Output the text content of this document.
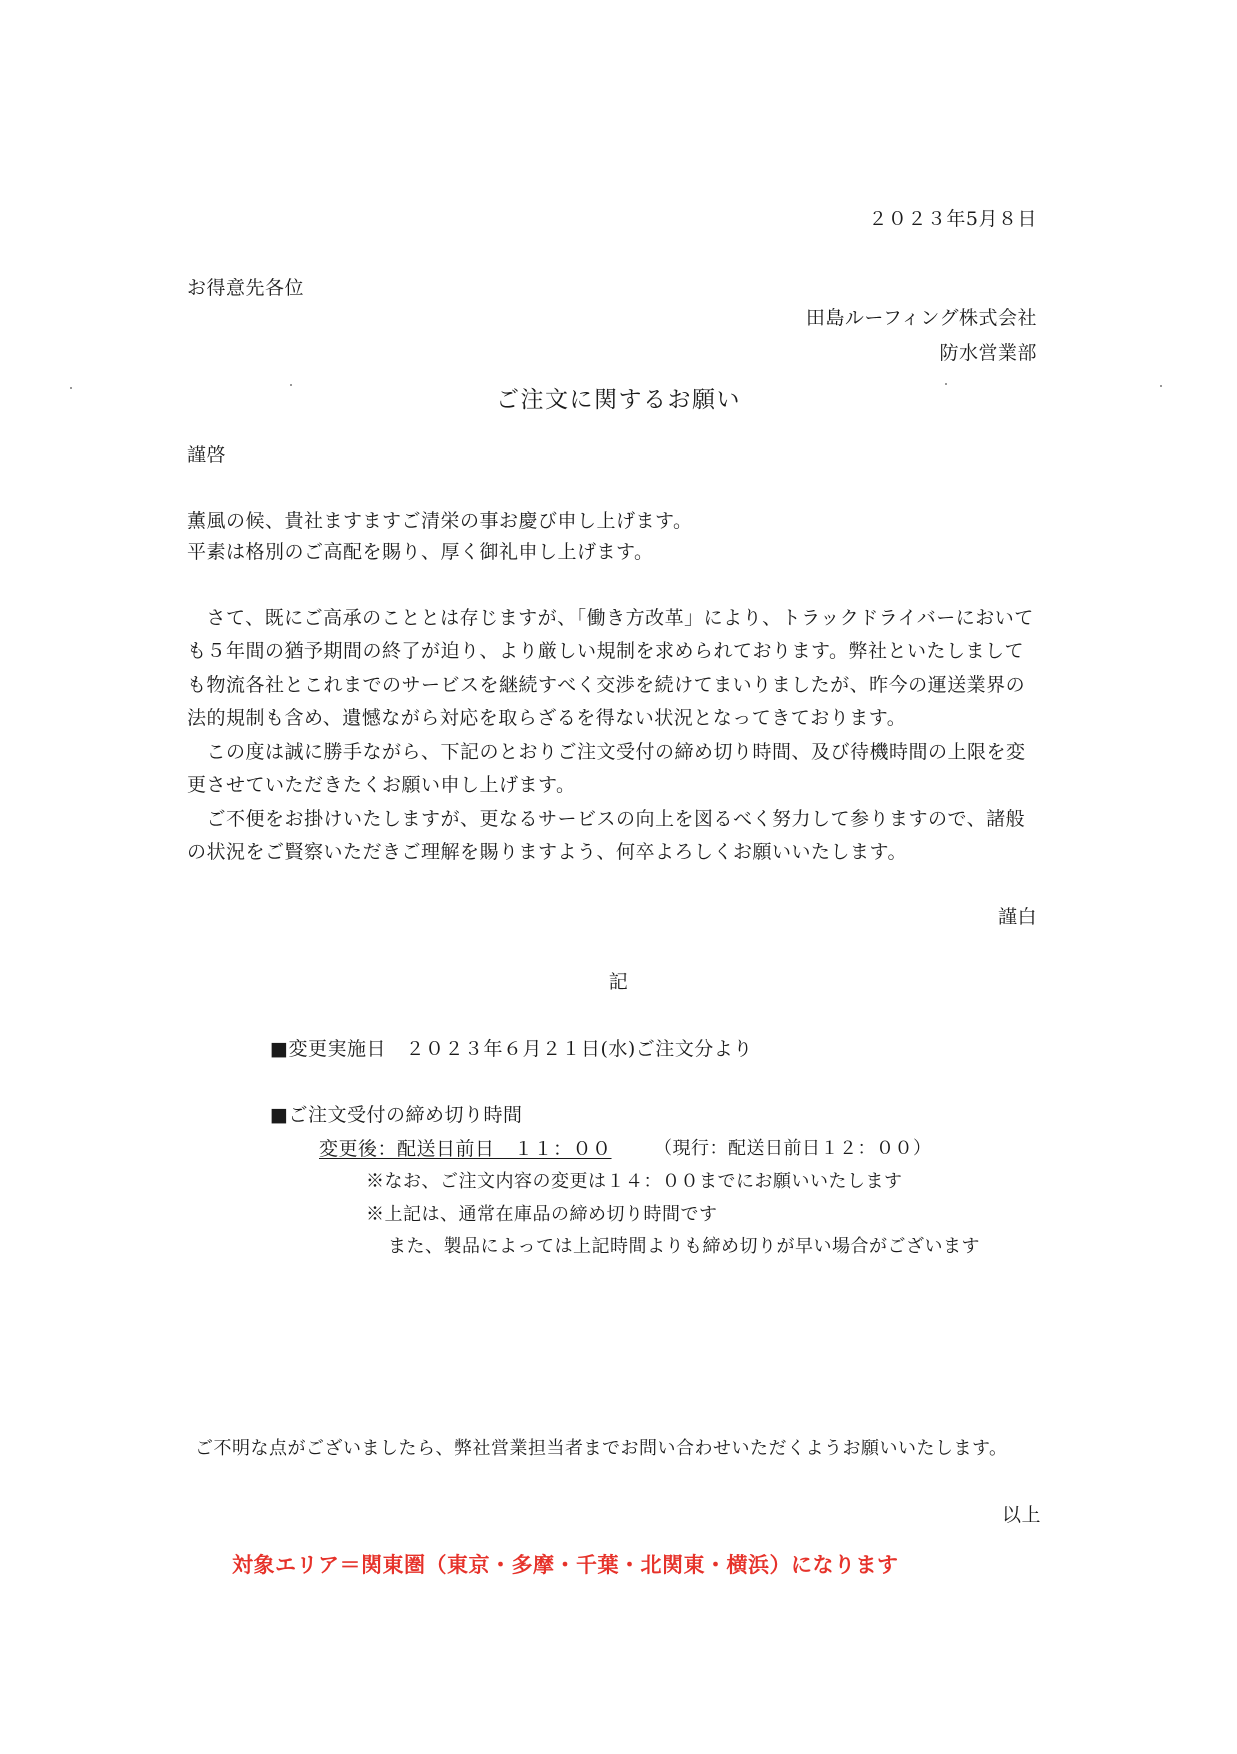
２０２３年5月８日
お得意先各位
田島ルーフィング株式会社
防水営業部
ご注文に関するお願い
謹啓
薫風の候、貴社ますますご清栄の事お慶び申し上げます。
平素は格別のご高配を賜り、厚く御礼申し上げます。
　さて、既にご高承のこととは存じますが、「働き方改革」により、トラックドライバーにおいて
も５年間の猶予期間の終了が迫り、より厳しい規制を求められております。弊社といたしまして
も物流各社とこれまでのサービスを継続すべく交渉を続けてまいりましたが、昨今の運送業界の
法的規制も含め、遺憾ながら対応を取らざるを得ない状況となってきております。
　この度は誠に勝手ながら、下記のとおりご注文受付の締め切り時間、及び待機時間の上限を変
更させていただきたくお願い申し上げます。
　ご不便をお掛けいたしますが、更なるサービスの向上を図るべく努力して参りますので、諸般
の状況をご賢察いただきご理解を賜りますよう、何卒よろしくお願いいたします。
謹白
記
■変更実施日　２０２３年６月２１日(水)ご注文分より
■ご注文受付の締め切り時間
変更後：配送日前日　１１：００ （現行：配送日前日１２：００）
※なお、ご注文内容の変更は１４：００までにお願いいたします
※上記は、通常在庫品の締め切り時間です
また、製品によっては上記時間よりも締め切りが早い場合がございます
ご不明な点がございましたら、弊社営業担当者までお問い合わせいただくようお願いいたします。
以上
対象エリア＝関東圏（東京・多摩・千葉・北関東・横浜）になります
